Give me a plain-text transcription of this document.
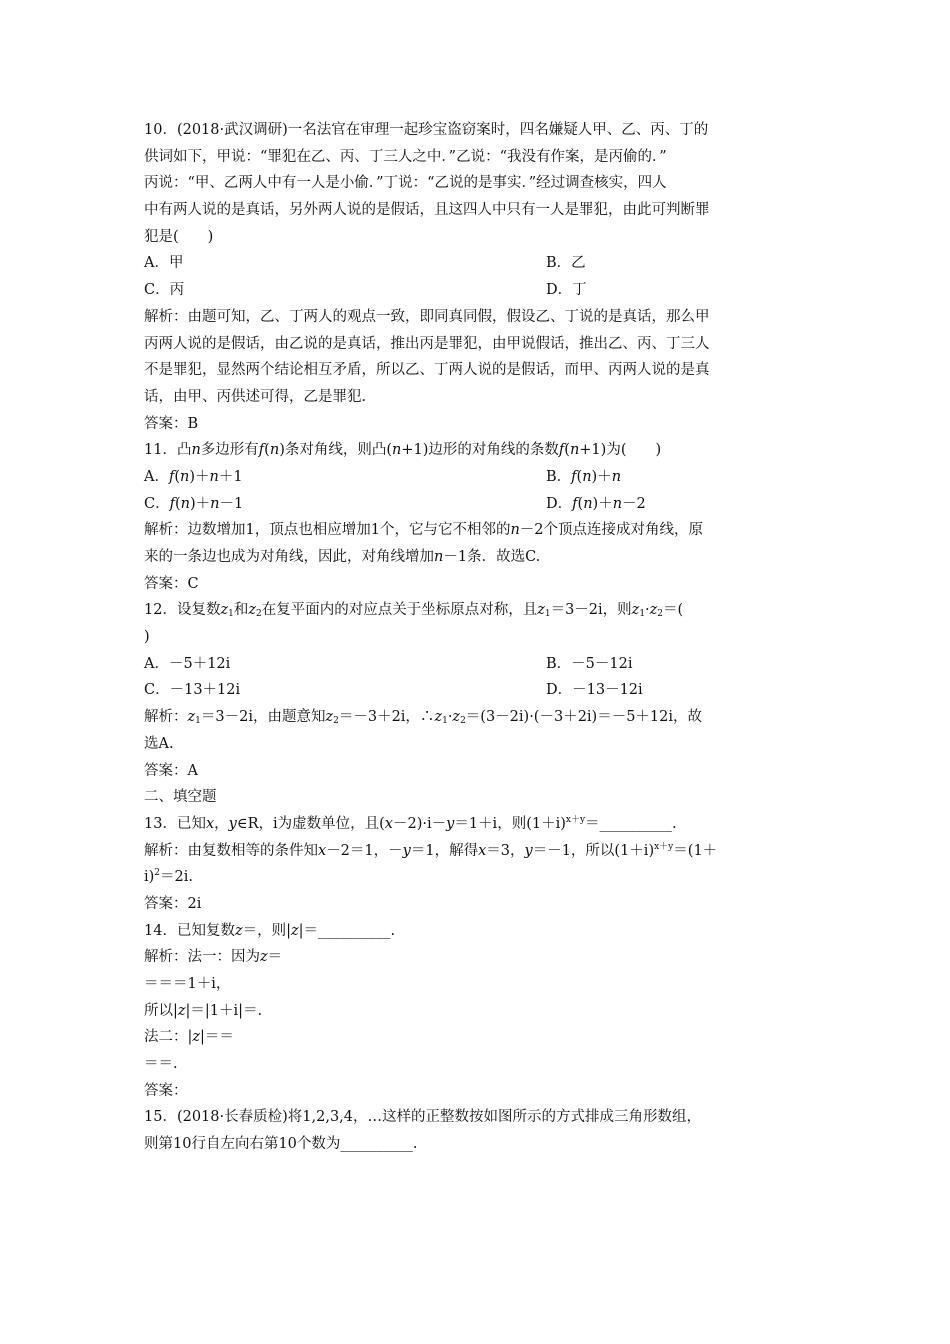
10．(2018·武汉调研)一名法官在审理一起珍宝盗窃案时，四名嫌疑人甲、乙、丙、丁的
供词如下，甲说：“罪犯在乙、丙、丁三人之中．”乙说：“我没有作案，是丙偷的．”
丙说：“甲、乙两人中有一人是小偷．”丁说：“乙说的是事实．”经过调查核实，四人
中有两人说的是真话，另外两人说的是假话，且这四人中只有一人是罪犯，由此可判断罪
犯是(　　)
A．甲	B．乙
C．丙	D．丁
解析：由题可知，乙、丁两人的观点一致，即同真同假，假设乙、丁说的是真话，那么甲
丙两人说的是假话，由乙说的是真话，推出丙是罪犯，由甲说假话，推出乙、丙、丁三人
不是罪犯，显然两个结论相互矛盾，所以乙、丁两人说的是假话，而甲、丙两人说的是真
话，由甲、丙供述可得，乙是罪犯.
答案：B
11．凸n多边形有f(n)条对角线，则凸(n+1)边形的对角线的条数f(n+1)为(　　)
A．f(n)＋n＋1	B．f(n)＋n
C．f(n)＋n－1	D．f(n)＋n－2
解析：边数增加1，顶点也相应增加1个，它与它不相邻的n－2个顶点连接成对角线，原
来的一条边也成为对角线，因此，对角线增加n－1条．故选C.
答案：C
12．设复数$z_1$和$z_2$在复平面内的对应点关于坐标原点对称，且$z_1=3-2i$，则$z_1\cdot z_2=$(
)
A．－5＋12i	B．－5－12i
C．－13＋12i	D．－13－12i
解析：$z_1=3-2i$，由题意知$z_2=-3+2i$，$\therefore z_1\cdot z_2=(3-2i)\cdot(-3+2i)=-5+12i$，故
选A.
答案：A
二、填空题
13．已知x，y∈R，i为虚数单位，且(x－2)·i－y＝1＋i，则$(1+i)^{x+y}=\_\_\_\_\_\_\_\_\_\_$.
解析：由复数相等的条件知x－2＝1，－y＝1，解得x＝3，y＝－1，所以$(1+i)^{x+y}=(1+$
i)$^2$＝2i.
答案：2i
14．已知复数z＝，则|z|＝__________.
解析：法一：因为z＝
＝＝＝1＋i，
所以|z|＝|1＋i|＝.
法二：|z|＝＝
＝＝.
答案：
15．(2018·长春质检)将1,2,3,4，…这样的正整数按如图所示的方式排成三角形数组，
则第10行自左向右第10个数为__________.
